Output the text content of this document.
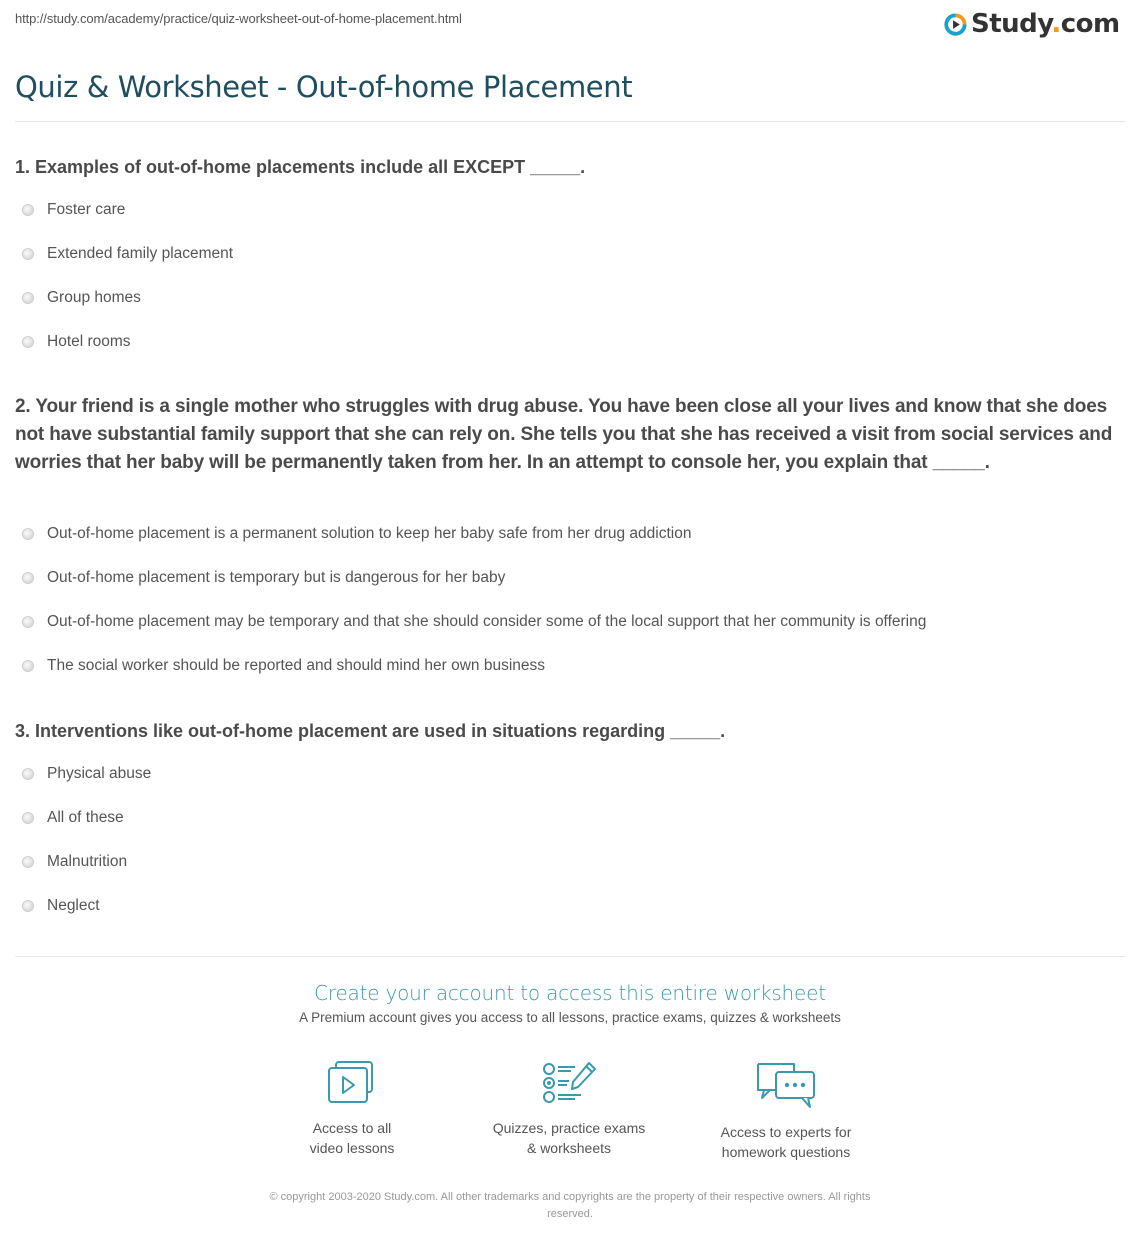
http://study.com/academy/practice/quiz-worksheet-out-of-home-placement.html	Study.com
Quiz & Worksheet - Out-of-home Placement
1. Examples of out-of-home placements include all EXCEPT _____.
Foster care
Extended family placement
Group homes
Hotel rooms
2. Your friend is a single mother who struggles with drug abuse. You have been close all your lives and know that she does not have substantial family support that she can rely on. She tells you that she has received a visit from social services and worries that her baby will be permanently taken from her. In an attempt to console her, you explain that _____.
Out-of-home placement is a permanent solution to keep her baby safe from her drug addiction
Out-of-home placement is temporary but is dangerous for her baby
Out-of-home placement may be temporary and that she should consider some of the local support that her community is offering
The social worker should be reported and should mind her own business
3. Interventions like out-of-home placement are used in situations regarding _____.
Physical abuse
All of these
Malnutrition
Neglect
Create your account to access this entire worksheet
A Premium account gives you access to all lessons, practice exams, quizzes & worksheets
Access to all
video lessons
Quizzes, practice exams
& worksheets
Access to experts for
homework questions
© copyright 2003-2020 Study.com. All other trademarks and copyrights are the property of their respective owners. All rights
reserved.
